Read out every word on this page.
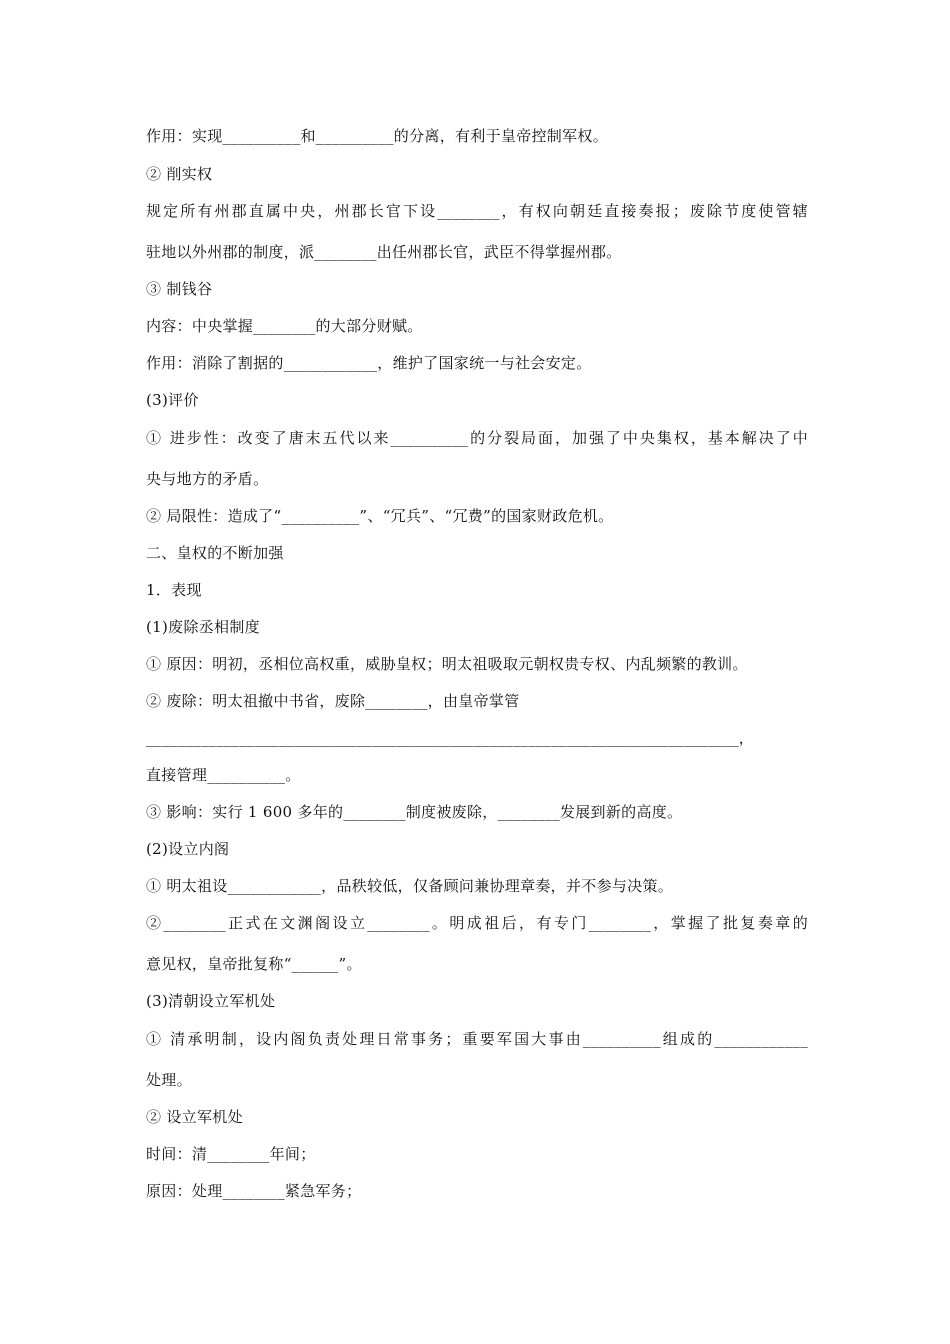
作用：实现__________和__________的分离，有利于皇帝控制军权。
② 削实权
规定所有州郡直属中央，州郡长官下设________，有权向朝廷直接奏报；废除节度使管辖
驻地以外州郡的制度，派________出任州郡长官，武臣不得掌握州郡。
③ 制钱谷
内容：中央掌握________的大部分财赋。
作用：消除了割据的____________，维护了国家统一与社会安定。
(3)评价
① 进步性：改变了唐末五代以来__________的分裂局面，加强了中央集权，基本解决了中
央与地方的矛盾。
② 局限性：造成了“__________”、“冗兵”、“冗费”的国家财政危机。
二、皇权的不断加强
1．表现
(1)废除丞相制度
① 原因：明初，丞相位高权重，威胁皇权；明太祖吸取元朝权贵专权、内乱频繁的教训。
② 废除：明太祖撤中书省，废除________，由皇帝掌管
____________________________________________________________________________，
直接管理__________。
③ 影响：实行 1 600 多年的________制度被废除，________发展到新的高度。
(2)设立内阁
① 明太祖设____________，品秩较低，仅备顾问兼协理章奏，并不参与决策。
②________正式在文渊阁设立________。明成祖后，有专门________，掌握了批复奏章的
意见权，皇帝批复称“______”。
(3)清朝设立军机处
① 清承明制，设内阁负责处理日常事务；重要军国大事由__________组成的____________
处理。
② 设立军机处
时间：清________年间；
原因：处理________紧急军务；
